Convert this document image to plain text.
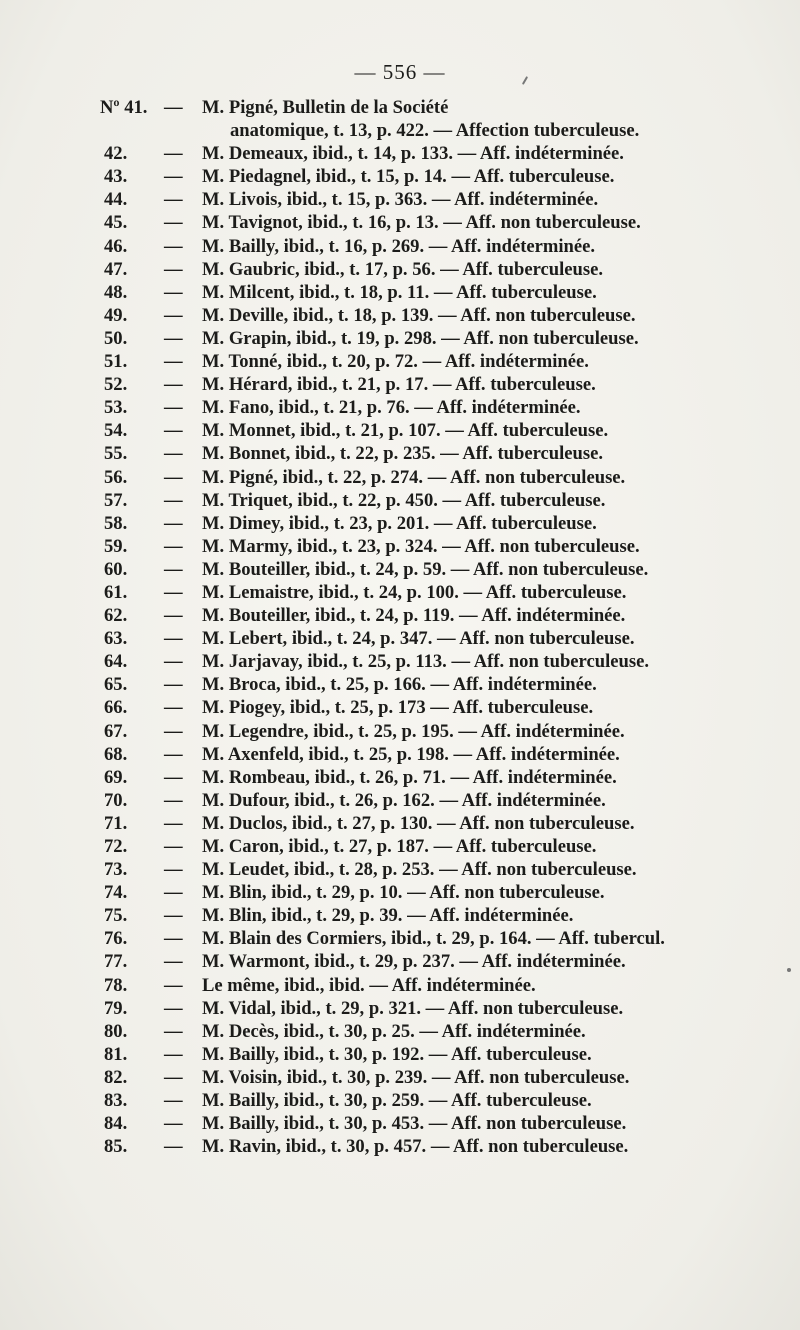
— 556 —
Nº 41. —	M. Pigné, Bulletin de la Société
anatomique, t. 13, p. 422. — Affection tuberculeuse.
42.	—	M. Demeaux, ibid., t. 14, p. 133. — Aff. indéterminée.
43.	—	M. Piedagnel, ibid., t. 15, p. 14. — Aff. tuberculeuse.
44.	—	M. Livois, ibid., t. 15, p. 363. — Aff. indéterminée.
45.	—	M. Tavignot, ibid., t. 16, p. 13. — Aff. non tuberculeuse.
46.	—	M. Bailly, ibid., t. 16, p. 269. — Aff. indéterminée.
47.	—	M. Gaubric, ibid., t. 17, p. 56. — Aff. tuberculeuse.
48.	—	M. Milcent, ibid., t. 18, p. 11. — Aff. tuberculeuse.
49.	—	M. Deville, ibid., t. 18, p. 139. — Aff. non tuberculeuse.
50.	—	M. Grapin, ibid., t. 19, p. 298. — Aff. non tuberculeuse.
51.	—	M. Tonné, ibid., t. 20, p. 72. — Aff. indéterminée.
52.	—	M. Hérard, ibid., t. 21, p. 17. — Aff. tuberculeuse.
53.	—	M. Fano, ibid., t. 21, p. 76. — Aff. indéterminée.
54.	—	M. Monnet, ibid., t. 21, p. 107. — Aff. tuberculeuse.
55.	—	M. Bonnet, ibid., t. 22, p. 235. — Aff. tuberculeuse.
56.	—	M. Pigné, ibid., t. 22, p. 274. — Aff. non tuberculeuse.
57.	—	M. Triquet, ibid., t. 22, p. 450. — Aff. tuberculeuse.
58.	—	M. Dimey, ibid., t. 23, p. 201. — Aff. tuberculeuse.
59.	—	M. Marmy, ibid., t. 23, p. 324. — Aff. non tuberculeuse.
60.	—	M. Bouteiller, ibid., t. 24, p. 59. — Aff. non tuberculeuse.
61.	—	M. Lemaistre, ibid., t. 24, p. 100. — Aff. tuberculeuse.
62.	—	M. Bouteiller, ibid., t. 24, p. 119. — Aff. indéterminée.
63.	—	M. Lebert, ibid., t. 24, p. 347. — Aff. non tuberculeuse.
64.	—	M. Jarjavay, ibid., t. 25, p. 113. — Aff. non tuberculeuse.
65.	—	M. Broca, ibid., t. 25, p. 166. — Aff. indéterminée.
66.	—	M. Piogey, ibid., t. 25, p. 173 — Aff. tuberculeuse.
67.	—	M. Legendre, ibid., t. 25, p. 195. — Aff. indéterminée.
68.	—	M. Axenfeld, ibid., t. 25, p. 198. — Aff. indéterminée.
69.	—	M. Rombeau, ibid., t. 26, p. 71. — Aff. indéterminée.
70.	—	M. Dufour, ibid., t. 26, p. 162. — Aff. indéterminée.
71.	—	M. Duclos, ibid., t. 27, p. 130. — Aff. non tuberculeuse.
72.	—	M. Caron, ibid., t. 27, p. 187. — Aff. tuberculeuse.
73.	—	M. Leudet, ibid., t. 28, p. 253. — Aff. non tuberculeuse.
74.	—	M. Blin, ibid., t. 29, p. 10. — Aff. non tuberculeuse.
75.	—	M. Blin, ibid., t. 29, p. 39. — Aff. indéterminée.
76.	—	M. Blain des Cormiers, ibid., t. 29, p. 164. — Aff. tubercul.
77.	—	M. Warmont, ibid., t. 29, p. 237. — Aff. indéterminée.
78.	—	Le même, ibid., ibid. — Aff. indéterminée.
79.	—	M. Vidal, ibid., t. 29, p. 321. — Aff. non tuberculeuse.
80.	—	M. Decès, ibid., t. 30, p. 25. — Aff. indéterminée.
81.	—	M. Bailly, ibid., t. 30, p. 192. — Aff. tuberculeuse.
82.	—	M. Voisin, ibid., t. 30, p. 239. — Aff. non tuberculeuse.
83.	—	M. Bailly, ibid., t. 30, p. 259. — Aff. tuberculeuse.
84.	—	M. Bailly, ibid., t. 30, p. 453. — Aff. non tuberculeuse.
85.	—	M. Ravin, ibid., t. 30, p. 457. — Aff. non tuberculeuse.
